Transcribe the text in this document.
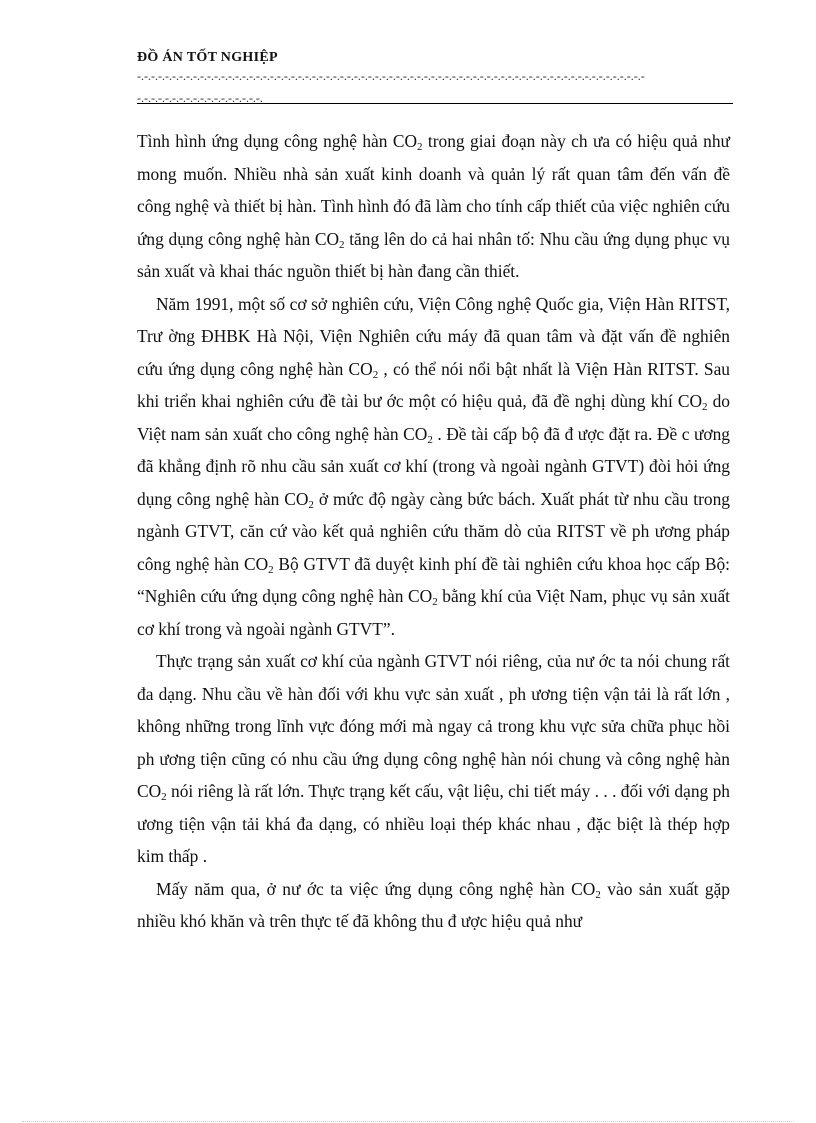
ĐỒ ÁN TỐT NGHIỆP
-.-.-.-.-.-.-.-.-.-.-.-.-.-.-.-.-.-.-.-.-.-.-.-.-.-.-.-.-.-.-.-.-.-.-.-.-.-.-.-.-.-.-.-.-.-.-.-.-.-.-.-.-.-.-.-.-.-.-.-.-.-.-.-.-.-.-.-.-.-.-.-.-
-.-.-.-.-.-.-.-.-.-.-.-.-.-.-.-.-.-.

Tình hình ứng dụng công nghệ hàn $CO_2$ trong giai đoạn này ch ưa có hiệu quả như mong muốn. Nhiều nhà sản xuất kinh doanh và quản lý rất quan tâm đến vấn đề công nghệ và thiết bị hàn. Tình hình đó đã làm cho tính cấp thiết của việc nghiên cứu ứng dụng công nghệ hàn $CO_2$ tăng lên do cả hai nhân tố: Nhu cầu ứng dụng phục vụ sản xuất và khai thác nguồn thiết bị hàn đang cần thiết.

Năm 1991, một số cơ sở nghiên cứu, Viện Công nghệ Quốc gia, Viện Hàn RITST, Trư ờng ĐHBK Hà Nội, Viện Nghiên cứu máy đã quan tâm và đặt vấn đề nghiên cứu ứng dụng công nghệ hàn $CO_2$ , có thể nói nổi bật nhất là Viện Hàn RITST. Sau khi triển khai nghiên cứu đề tài bư ớc một có hiệu quả, đã đề nghị dùng khí $CO_2$ do Việt nam sản xuất cho công nghệ hàn $CO_2$ . Đề tài cấp bộ đã đ ược đặt ra. Đề c ương đã khẳng định rõ nhu cầu sản xuất cơ khí (trong và ngoài ngành GTVT) đòi hỏi ứng dụng công nghệ hàn $CO_2$ ở mức độ ngày càng bức bách. Xuất phát từ nhu cầu trong ngành GTVT, căn cứ vào kết quả nghiên cứu thăm dò của RITST về ph ương pháp công nghệ hàn $CO_2$ Bộ GTVT đã duyệt kinh phí đề tài nghiên cứu khoa học cấp Bộ: “Nghiên cứu ứng dụng công nghệ hàn $CO_2$ bằng khí của Việt Nam, phục vụ sản xuất cơ khí trong và ngoài ngành GTVT”.

Thực trạng sản xuất cơ khí của ngành GTVT nói riêng, của nư ớc ta nói chung rất đa dạng. Nhu cầu về hàn đối với khu vực sản xuất , ph ương tiện vận tải là rất lớn , không những trong lĩnh vực đóng mới mà ngay cả trong khu vực sửa chữa phục hồi ph ương tiện cũng có nhu cầu ứng dụng công nghệ hàn nói chung và công nghệ hàn $CO_2$ nói riêng là rất lớn. Thực trạng kết cấu, vật liệu, chi tiết máy . . . đối với dạng ph ương tiện vận tải khá đa dạng, có nhiều loại thép khác nhau , đặc biệt là thép hợp kim thấp .

Mấy năm qua, ở nư ớc ta việc ứng dụng công nghệ hàn $CO_2$ vào sản xuất gặp nhiều khó khăn và trên thực tế đã không thu đ ược hiệu quả như
